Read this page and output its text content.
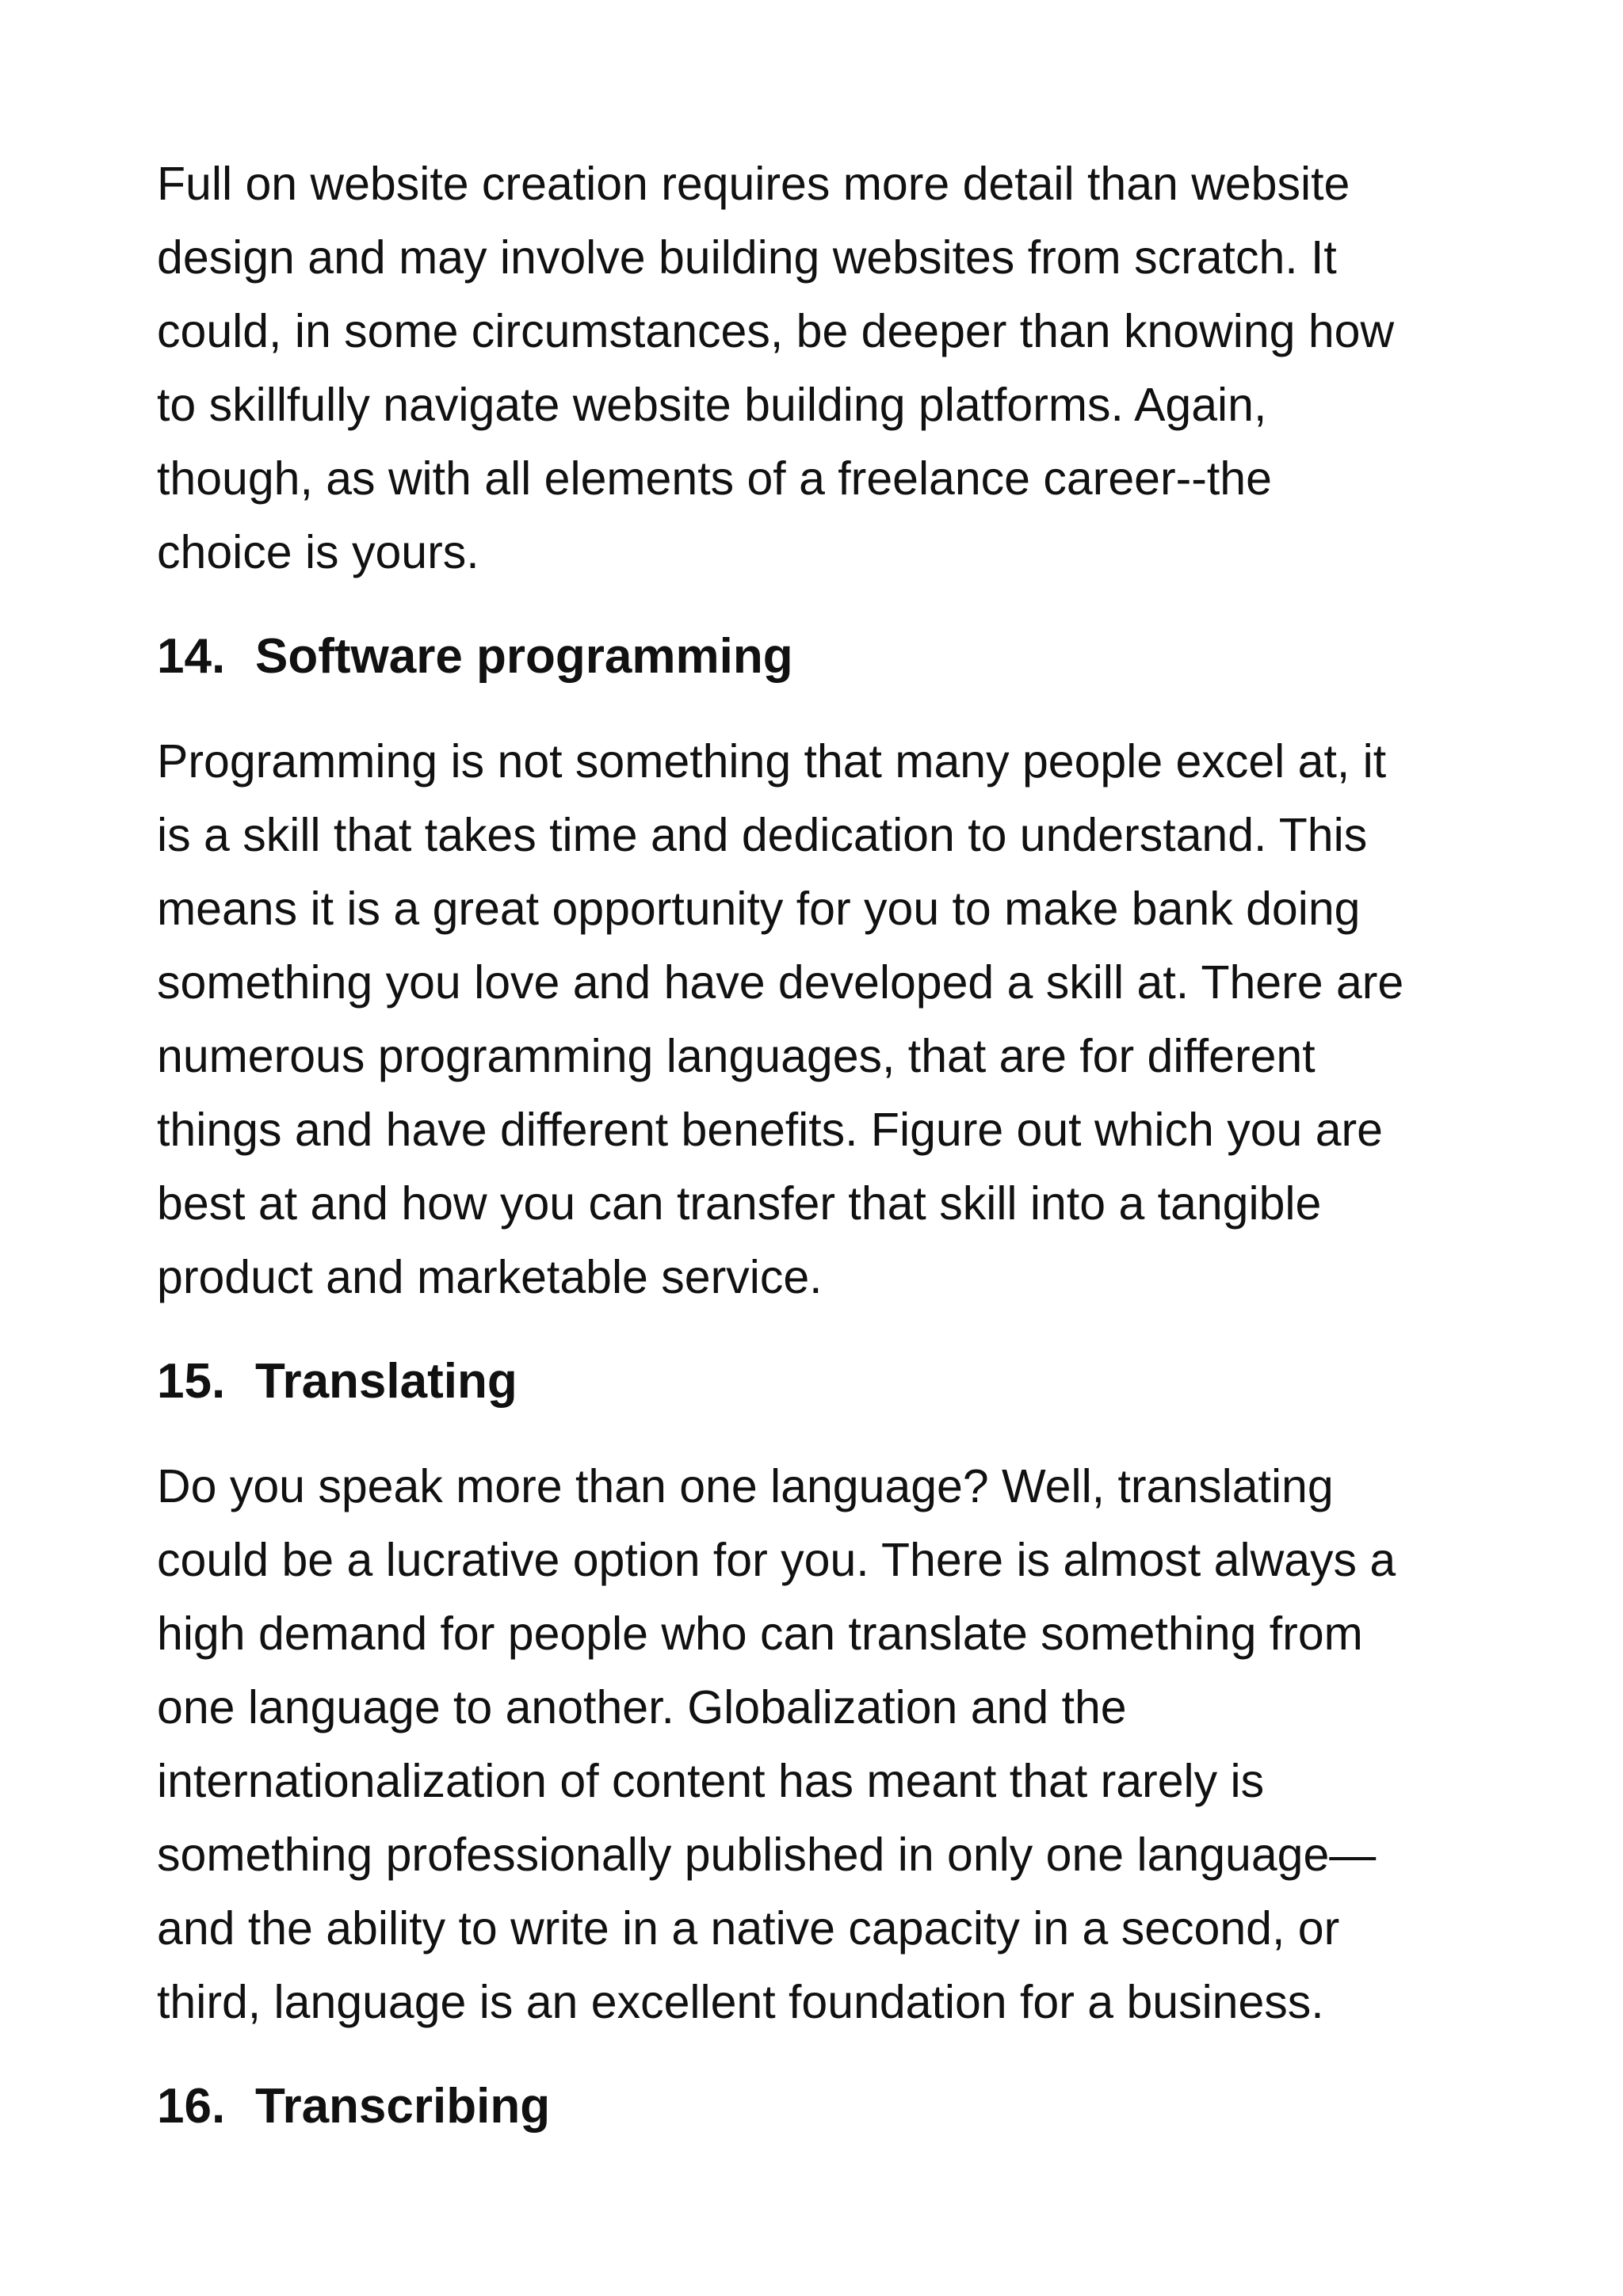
Full on website creation requires more detail than website
design and may involve building websites from scratch. It
could, in some circumstances, be deeper than knowing how
to skillfully navigate website building platforms. Again,
though, as with all elements of a freelance career--the
choice is yours.

14. Software programming

Programming is not something that many people excel at, it
is a skill that takes time and dedication to understand. This
means it is a great opportunity for you to make bank doing
something you love and have developed a skill at. There are
numerous programming languages, that are for different
things and have different benefits. Figure out which you are
best at and how you can transfer that skill into a tangible
product and marketable service.

15. Translating

Do you speak more than one language? Well, translating
could be a lucrative option for you. There is almost always a
high demand for people who can translate something from
one language to another. Globalization and the
internationalization of content has meant that rarely is
something professionally published in only one language—
and the ability to write in a native capacity in a second, or
third, language is an excellent foundation for a business.

16. Transcribing
